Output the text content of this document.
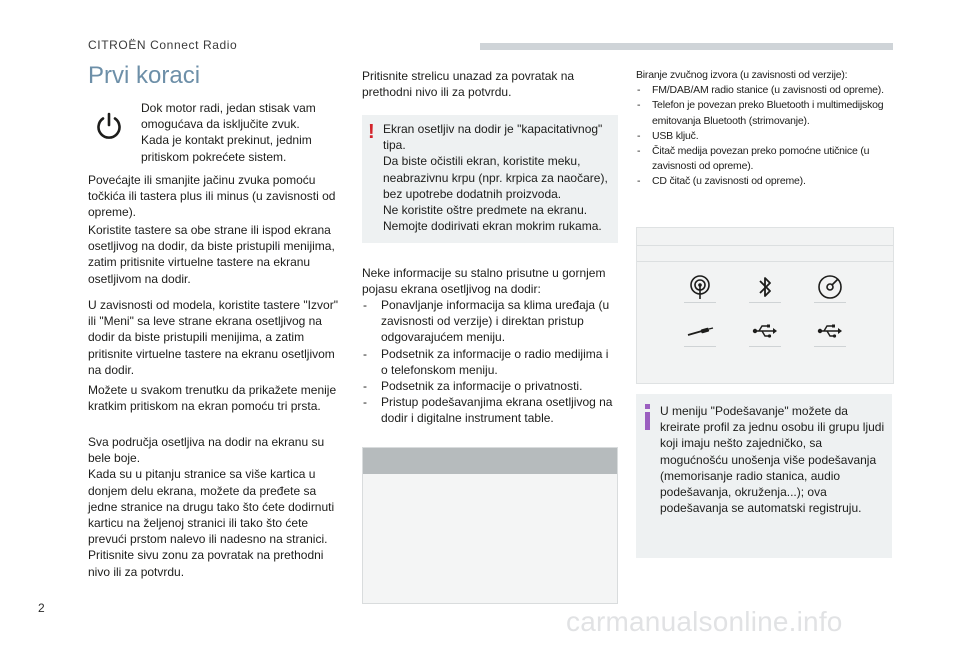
CITROËN Connect Radio
Prvi koraci
Dok motor radi, jedan stisak vam omogućava da isključite zvuk.
Kada je kontakt prekinut, jednim pritiskom pokrećete sistem.
Povećajte ili smanjite jačinu zvuka pomoću točkića ili tastera plus ili minus (u zavisnosti od opreme).
Koristite tastere sa obe strane ili ispod ekrana osetljivog na dodir, da biste pristupili menijima, zatim pritisnite virtuelne tastere na ekranu osetljivom na dodir.
U zavisnosti od modela, koristite tastere "Izvor" ili "Meni" sa leve strane ekrana osetljivog na dodir da biste pristupili menijima, a zatim pritisnite virtuelne tastere na ekranu osetljivom na dodir.
Možete u svakom trenutku da prikažete menije kratkim pritiskom na ekran pomoću tri prsta.
Sva područja osetljiva na dodir na ekranu su bele boje.
Kada su u pitanju stranice sa više kartica u donjem delu ekrana, možete da pređete sa jedne stranice na drugu tako što ćete dodirnuti karticu na željenoj stranici ili tako što ćete prevući prstom nalevo ili nadesno na stranici.
Pritisnite sivu zonu za povratak na prethodni nivo ili za potvrdu.
Pritisnite strelicu unazad za povratak na prethodni nivo ili za potvrdu.
! Ekran osetljiv na dodir je "kapacitativnog" tipa.
Da biste očistili ekran, koristite meku, neabrazivnu krpu (npr. krpica za naočare), bez upotrebe dodatnih proizvoda.
Ne koristite oštre predmete na ekranu.
Nemojte dodirivati ekran mokrim rukama.
Neke informacije su stalno prisutne u gornjem pojasu ekrana osetljivog na dodir:
- Ponavljanje informacija sa klima uređaja (u zavisnosti od verzije) i direktan pristup odgovarajućem meniju.
- Podsetnik za informacije o radio medijima i o telefonskom meniju.
- Podsetnik za informacije o privatnosti.
- Pristup podešavanjima ekrana osetljivog na dodir i digitalne instrument table.
Biranje zvučnog izvora (u zavisnosti od verzije):
- FM/DAB/AM radio stanice (u zavisnosti od opreme).
- Telefon je povezan preko Bluetooth i multimedijskog emitovanja Bluetooth (strimovanje).
- USB ključ.
- Čitač medija povezan preko pomoćne utičnice (u zavisnosti od opreme).
- CD čitač (u zavisnosti od opreme).
U meniju "Podešavanje" možete da kreirate profil za jednu osobu ili grupu ljudi koji imaju nešto zajedničko, sa mogućnošću unošenja više podešavanja (memorisanje radio stanica, audio podešavanja, okruženja...); ova podešavanja se automatski registruju.
2	carmanualsonline.info
